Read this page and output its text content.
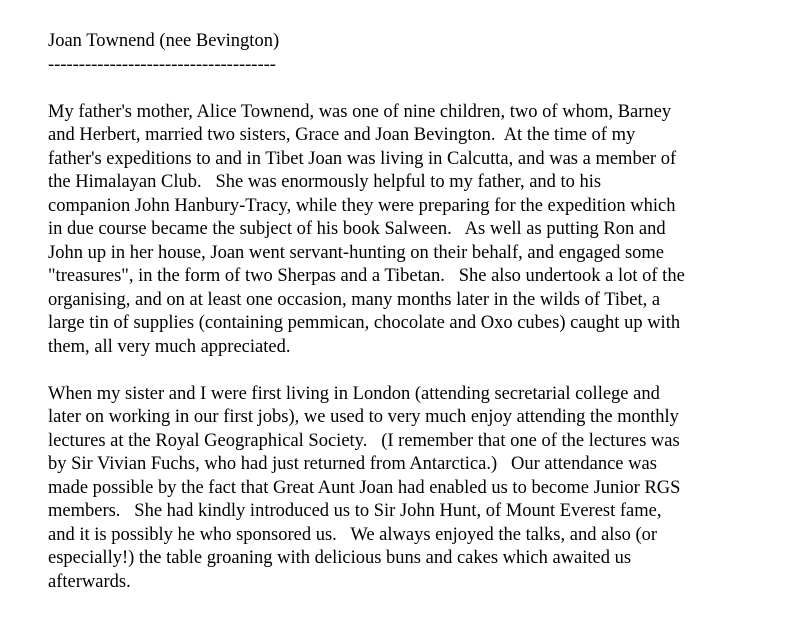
Joan Townend (nee Bevington)

-------------------------------------

My father's mother, Alice Townend, was one of nine children, two of whom, Barney
and Herbert, married two sisters, Grace and Joan Bevington.  At the time of my
father's expeditions to and in Tibet Joan was living in Calcutta, and was a member of
the Himalayan Club.   She was enormously helpful to my father, and to his
companion John Hanbury-Tracy, while they were preparing for the expedition which
in due course became the subject of his book Salween.   As well as putting Ron and
John up in her house, Joan went servant-hunting on their behalf, and engaged some
"treasures", in the form of two Sherpas and a Tibetan.   She also undertook a lot of the
organising, and on at least one occasion, many months later in the wilds of Tibet, a
large tin of supplies (containing pemmican, chocolate and Oxo cubes) caught up with
them, all very much appreciated.

When my sister and I were first living in London (attending secretarial college and
later on working in our first jobs), we used to very much enjoy attending the monthly
lectures at the Royal Geographical Society.   (I remember that one of the lectures was
by Sir Vivian Fuchs, who had just returned from Antarctica.)   Our attendance was
made possible by the fact that Great Aunt Joan had enabled us to become Junior RGS
members.   She had kindly introduced us to Sir John Hunt, of Mount Everest fame,
and it is possibly he who sponsored us.   We always enjoyed the talks, and also (or
especially!) the table groaning with delicious buns and cakes which awaited us
afterwards.
